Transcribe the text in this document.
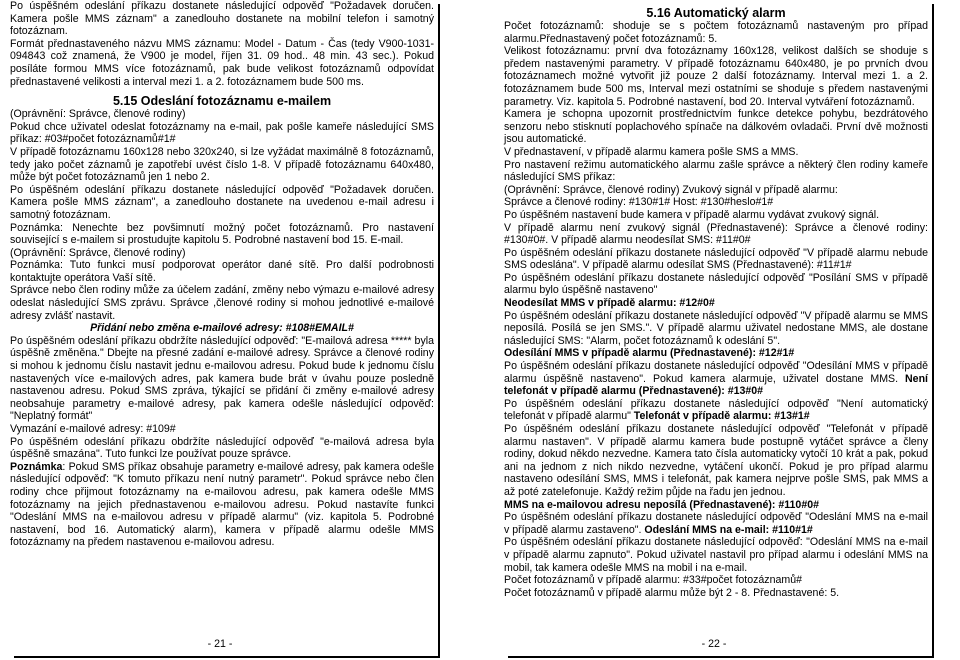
Po úspěšném odeslání příkazu dostanete následující odpověď "Požadavek doručen. Kamera pošle MMS záznam" a zanedlouho dostanete na mobilní telefon i samotný fotozáznam.

Formát přednastaveného názvu MMS záznamu: Model - Datum - Čas (tedy V900-1031-094843 což znamená, že V900 je model, říjen 31. 09 hod.. 48 min. 43 sec.). Pokud posíláte formou MMS více fotozáznamů, pak bude velikost fotozáznamů odpovídat přednastavené velikosti a interval mezi 1. a 2. fotozáznamem bude 500 ms.

5.15 Odeslání fotozáznamu e-mailem

(Oprávnění: Správce, členové rodiny)

Pokud chce uživatel odeslat fotozáznamy na e-mail, pak pošle kameře následující SMS příkaz: #03#počet fotozáznamů#1#

V případě fotozáznamu 160x128 nebo 320x240, si lze vyžádat maximálně 8 fotozáznamů, tedy jako počet záznamů je zapotřebí uvést číslo 1-8. V případě fotozáznamu 640x480, může být počet fotozáznamů jen 1 nebo 2.

Po úspěšném odeslání příkazu dostanete následující odpověď "Požadavek doručen. Kamera pošle MMS záznam", a zanedlouho dostanete na uvedenou e-mail adresu i samotný fotozáznam.

Poznámka: Nenechte bez povšimnutí možný počet fotozáznamů. Pro nastavení související s e-mailem si prostudujte kapitolu 5. Podrobné nastavení bod 15. E-mail.

(Oprávnění: Správce, členové rodiny)

Poznámka: Tuto funkci musí podporovat operátor dané sítě. Pro další podrobnosti kontaktujte operátora Vaší sítě.

Správce nebo člen rodiny může za účelem zadání, změny nebo výmazu e-mailové adresy odeslat následující SMS zprávu. Správce ,členové rodiny si mohou jednotlivé e-mailové adresy zvlášť nastavit.

Přidání nebo změna e-mailové adresy: #108#EMAIL#

Po úspěšném odeslání příkazu obdržíte následující odpověď: "E-mailová adresa ***** byla úspěšně změněna." Dbejte na přesné zadání e-mailové adresy. Správce a členové rodiny si mohou k jednomu číslu nastavit jednu e-mailovou adresu. Pokud bude k jednomu číslu nastavených více e-mailových adres, pak kamera bude brát v úvahu pouze posledně nastavenou adresu. Pokud SMS zpráva, týkající se přidání či změny e-mailové adresy neobsahuje parametry e-mailové adresy, pak kamera odešle následující odpověď: "Neplatný formát"

Vymazání e-mailové adresy: #109#

Po úspěšném odeslání příkazu obdržíte následující odpověď "e-mailová adresa byla úspěšně smazána". Tuto funkci lze používat pouze správce.

Poznámka: Pokud SMS příkaz obsahuje parametry e-mailové adresy, pak kamera odešle následující odpověď: "K tomuto příkazu není nutný parametr". Pokud správce nebo člen rodiny chce přijmout fotozáznamy na e-mailovou adresu, pak kamera odešle MMS fotozáznamy na jejich přednastavenou e-mailovou adresu. Pokud nastavíte funkci "Odeslání MMS na e-mailovou adresu v případě alarmu" (viz. kapitola 5. Podrobné nastavení, bod 16. Automatický alarm), kamera v případě alarmu odešle MMS fotozáznamy na předem nastavenou e-mailovou adresu.

- 21 -
5.16 Automatický alarm

Počet fotozáznamů: shoduje se s počtem fotozáznamů nastaveným pro případ alarmu.Přednastavený počet fotozáznamů: 5.

Velikost fotozáznamu: první dva fotozáznamy 160x128, velikost dalších se shoduje s předem nastavenými parametry. V případě fotozáznamu 640x480, je po prvních dvou fotozáznamech možné vytvořit již pouze 2 další fotozáznamy. Interval mezi 1. a 2. fotozáznamem bude 500 ms, Interval mezi ostatními se shoduje s předem nastavenými parametry. Viz. kapitola 5. Podrobné nastavení, bod 20. Interval vytváření fotozáznamů.

Kamera je schopna upozornit prostřednictvím funkce detekce pohybu, bezdrátového senzoru nebo stisknutí poplachového spínače na dálkovém ovladači. První dvě možnosti jsou automatické.

V přednastavení, v případě alarmu kamera pošle SMS a MMS.

Pro nastavení režimu automatického alarmu zašle správce a některý člen rodiny kameře následující SMS příkaz:

(Oprávnění: Správce, členové rodiny) Zvukový signál v případě alarmu:

Správce a členové rodiny: #130#1# Host: #130#heslo#1#

Po úspěšném nastavení bude kamera v případě alarmu vydávat zvukový signál.

V případě alarmu není zvukový signál (Přednastavené): Správce a členové rodiny: #130#0#. V případě alarmu neodesílat SMS: #11#0#

Po úspěšném odeslání příkazu dostanete následující odpověď "V případě alarmu nebude SMS odeslána". V případě alarmu odesílat SMS (Přednastavené): #11#1#

Po úspěšném odeslání příkazu dostanete následující odpověď "Posílání SMS v případě alarmu bylo úspěšně nastaveno"

Neodesílat MMS v případě alarmu: #12#0#

Po úspěšném odeslání příkazu dostanete následující odpověď "V případě alarmu se MMS neposílá. Posílá se jen SMS.". V případě alarmu uživatel nedostane MMS, ale dostane následující SMS: "Alarm, počet fotozáznamů k odeslání 5".

Odesílání MMS v případě alarmu (Přednastavené): #12#1#

Po úspěšném odeslání příkazu dostanete následující odpověď "Odesílání MMS v případě alarmu úspěšně nastaveno". Pokud kamera alarmuje, uživatel dostane MMS. Není telefonát v případě alarmu (Přednastavené): #13#0#

Po úspěšném odeslání příkazu dostanete následující odpověď "Není automatický telefonát v případě alarmu" Telefonát v případě alarmu: #13#1#

Po úspěšném odeslání příkazu dostanete následující odpověď "Telefonát v případě alarmu nastaven". V případě alarmu kamera bude postupně vytáčet správce a členy rodiny, dokud někdo nezvedne. Kamera tato čísla automaticky vytočí 10 krát a pak, pokud ani na jednom z nich nikdo nezvedne, vytáčení ukončí. Pokud je pro případ alarmu nastaveno odesílání SMS, MMS i telefonát, pak kamera nejprve pošle SMS, pak MMS a až poté zatelefonuje. Každý režim půjde na řadu jen jednou.

MMS na e-mailovou adresu neposílá (Přednastavené): #110#0#

Po úspěšném odeslání příkazu dostanete následující odpověď "Odeslání MMS na e-mail v případě alarmu zastaveno". Odeslání MMS na e-mail: #110#1#

Po úspěšném odeslání příkazu dostanete následující odpověď: "Odeslání MMS na e-mail v případě alarmu zapnuto". Pokud uživatel nastavil pro případ alarmu i odeslání MMS na mobil, tak kamera odešle MMS na mobil i na e-mail.

Počet fotozáznamů v případě alarmu: #33#počet fotozáznamů#

Počet fotozáznamů v případě alarmu může být 2 - 8. Přednastavené: 5.

- 22 -
